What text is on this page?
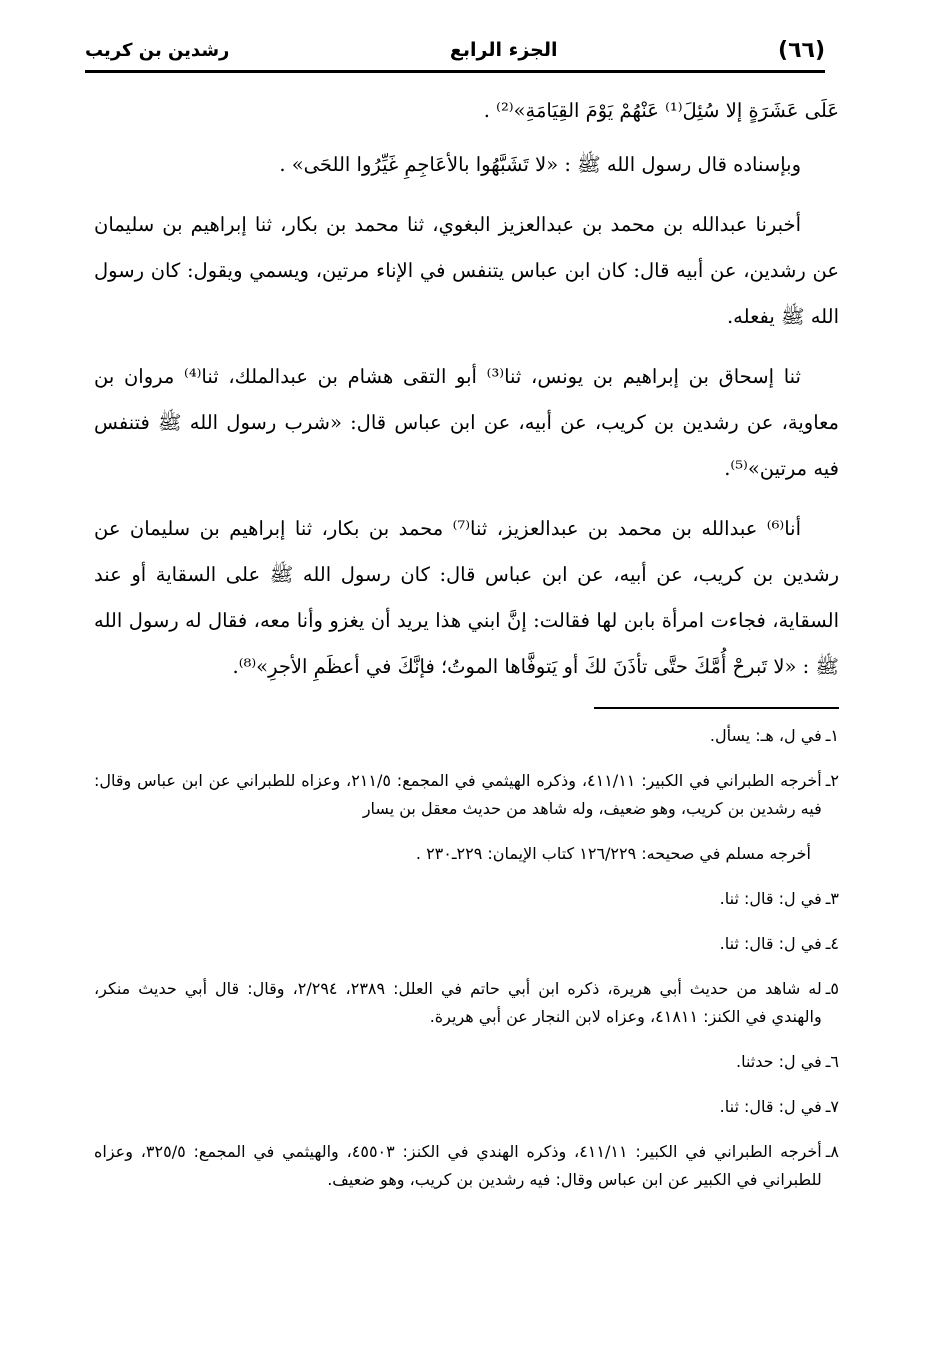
(٦٦)
الجزء الرابع
رشدين بن كريب

عَلَى عَشَرَةٍ إلا سُئِلَ⁽¹⁾ عَنْهُمْ يَوْمَ القِيَامَةِ»⁽²⁾ .

وبإسناده قال رسول الله ﷺ : «لا تَشَبَّهُوا بالأعَاجِمِ غَيِّرُوا اللحَى» .

أخبرنا عبدالله بن محمد بن عبدالعزيز البغوي، ثنا محمد بن بكار، ثنا إبراهيم بن سليمان عن رشدين، عن أبيه قال: كان ابن عباس يتنفس في الإناء مرتين، ويسمي ويقول: كان رسول الله ﷺ يفعله.

ثنا إسحاق بن إبراهيم بن يونس، ثنا⁽³⁾ أبو التقى هشام بن عبدالملك، ثنا⁽⁴⁾ مروان بن معاوية، عن رشدين بن كريب، عن أبيه، عن ابن عباس قال: «شرب رسول الله ﷺ فتنفس فيه مرتين»⁽⁵⁾.

أنا⁽⁶⁾ عبدالله بن محمد بن عبدالعزيز، ثنا⁽⁷⁾ محمد بن بكار، ثنا إبراهيم بن سليمان عن رشدين بن كريب، عن أبيه، عن ابن عباس قال: كان رسول الله ﷺ على السقاية أو عند السقاية، فجاءت امرأة بابن لها فقالت: إنَّ ابني هذا يريد أن يغزو وأنا معه، فقال له رسول الله ﷺ : «لا تَبرحْ أُمَّكَ حتَّى تأذَنَ لكَ أو يَتوفَّاها الموتُ؛ فإنَّكَ في أعظَمِ الأجرِ»⁽⁸⁾.

١ـ
في ل، هـ: يسأل.
٢ـ
أخرجه الطبراني في الكبير: ٤١١/١١، وذكره الهيثمي في المجمع: ٢١١/٥، وعزاه للطبراني عن ابن عباس وقال: فيه رشدين بن كريب، وهو ضعيف، وله شاهد من حديث معقل بن يسار
أخرجه مسلم في صحيحه: ١٢٦/٢٢٩ كتاب الإيمان: ٢٢٩ـ٢٣٠ .
٣ـ
في ل: قال: ثنا.
٤ـ
في ل: قال: ثنا.
٥ـ
له شاهد من حديث أبي هريرة، ذكره ابن أبي حاتم في العلل: ٢٣٨٩، ٢/٢٩٤، وقال: قال أبي حديث منكر، والهندي في الكنز: ٤١٨١١، وعزاه لابن النجار عن أبي هريرة.
٦ـ
في ل: حدثنا.
٧ـ
في ل: قال: ثنا.
٨ـ
أخرجه الطبراني في الكبير: ٤١١/١١، وذكره الهندي في الكنز: ٤٥٥٠٣، والهيثمي في المجمع: ٣٢٥/٥، وعزاه للطبراني في الكبير عن ابن عباس وقال: فيه رشدين بن كريب، وهو ضعيف.
